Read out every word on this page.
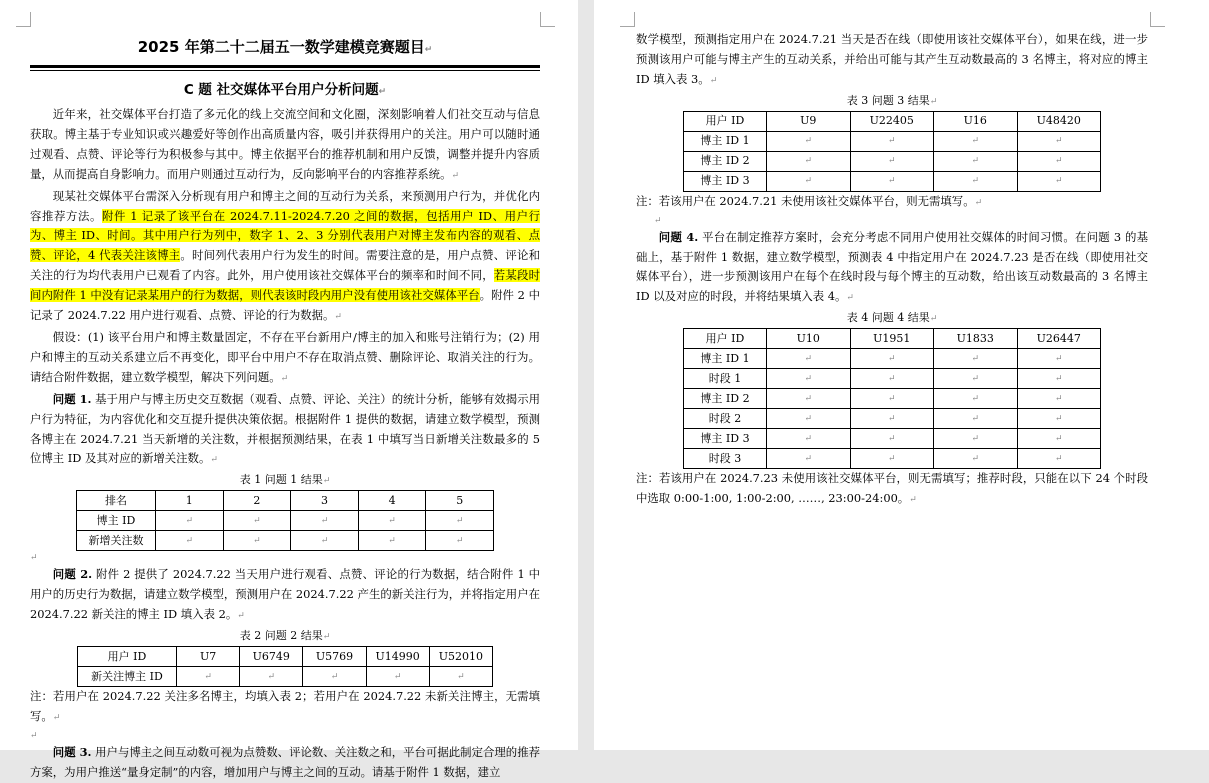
2025 年第二十二届五一数学建模竞赛题目↵
C 题 社交媒体平台用户分析问题↵

近年来，社交媒体平台打造了多元化的线上交流空间和文化圈，深刻影响着人们社交互动与信息获取。博主基于专业知识或兴趣爱好等创作出高质量内容，吸引并获得用户的关注。用户可以随时通过观看、点赞、评论等行为积极参与其中。博主依据平台的推荐机制和用户反馈，调整并提升内容质量，从而提高自身影响力。而用户则通过互动行为，反向影响平台的内容推荐系统。↵

现某社交媒体平台需深入分析现有用户和博主之间的互动行为关系，来预测用户行为，并优化内容推荐方法。附件 1 记录了该平台在 2024.7.11-2024.7.20 之间的数据，包括用户 ID、用户行为、博主 ID、时间。其中用户行为列中，数字 1、2、3 分别代表用户对博主发布内容的观看、点赞、评论，4 代表关注该博主。时间列代表用户行为发生的时间。需要注意的是，用户点赞、评论和关注的行为均代表用户已观看了内容。此外，用户使用该社交媒体平台的频率和时间不同，若某段时间内附件 1 中没有记录某用户的行为数据，则代表该时段内用户没有使用该社交媒体平台。附件 2 中记录了 2024.7.22 用户进行观看、点赞、评论的行为数据。↵

假设：(1) 该平台用户和博主数量固定，不存在平台新用户/博主的加入和账号注销行为；(2) 用户和博主的互动关系建立后不再变化，即平台中用户不存在取消点赞、删除评论、取消关注的行为。请结合附件数据，建立数学模型，解决下列问题。↵

问题 1. 基于用户与博主历史交互数据（观看、点赞、评论、关注）的统计分析，能够有效揭示用户行为特征，为内容优化和交互提升提供决策依据。根据附件 1 提供的数据，请建立数学模型，预测各博主在 2024.7.21 当天新增的关注数，并根据预测结果，在表 1 中填写当日新增关注数最多的 5 位博主 ID 及其对应的新增关注数。↵

表 1 问题 1 结果↵
排名	1	2	3	4	5
博主 ID	↵	↵	↵	↵	↵
新增关注数	↵	↵	↵	↵	↵
↵

问题 2. 附件 2 提供了 2024.7.22 当天用户进行观看、点赞、评论的行为数据，结合附件 1 中用户的历史行为数据，请建立数学模型，预测用户在 2024.7.22 产生的新关注行为，并将指定用户在 2024.7.22 新关注的博主 ID 填入表 2。↵

表 2 问题 2 结果↵
用户 ID	U7	U6749	U5769	U14990	U52010
新关注博主 ID	↵	↵	↵	↵	↵

注：若用户在 2024.7.22 关注多名博主，均填入表 2；若用户在 2024.7.22 未新关注博主，无需填写。↵

↵

问题 3. 用户与博主之间互动数可视为点赞数、评论数、关注数之和，平台可据此制定合理的推荐方案，为用户推送“量身定制”的内容，增加用户与博主之间的互动。请基于附件 1 数据，建立

数学模型，预测指定用户在 2024.7.21 当天是否在线（即使用该社交媒体平台），如果在线，进一步预测该用户可能与博主产生的互动关系，并给出可能与其产生互动数最高的 3 名博主，将对应的博主 ID 填入表 3。↵

表 3 问题 3 结果↵
用户 ID	U9	U22405	U16	U48420
博主 ID 1	↵	↵	↵	↵
博主 ID 2	↵	↵	↵	↵
博主 ID 3	↵	↵	↵	↵

注：若该用户在 2024.7.21 未使用该社交媒体平台，则无需填写。↵

↵

问题 4. 平台在制定推荐方案时，会充分考虑不同用户使用社交媒体的时间习惯。在问题 3 的基础上，基于附件 1 数据，建立数学模型，预测表 4 中指定用户在 2024.7.23 是否在线（即使用社交媒体平台），进一步预测该用户在每个在线时段与每个博主的互动数，给出该互动数最高的 3 名博主 ID 以及对应的时段，并将结果填入表 4。↵

表 4 问题 4 结果↵
用户 ID	U10	U1951	U1833	U26447
博主 ID 1	↵	↵	↵	↵
时段 1	↵	↵	↵	↵
博主 ID 2	↵	↵	↵	↵
时段 2	↵	↵	↵	↵
博主 ID 3	↵	↵	↵	↵
时段 3	↵	↵	↵	↵

注：若该用户在 2024.7.23 未使用该社交媒体平台，则无需填写；推荐时段，只能在以下 24 个时段中选取 0:00-1:00, 1:00-2:00, ……, 23:00-24:00。↵
